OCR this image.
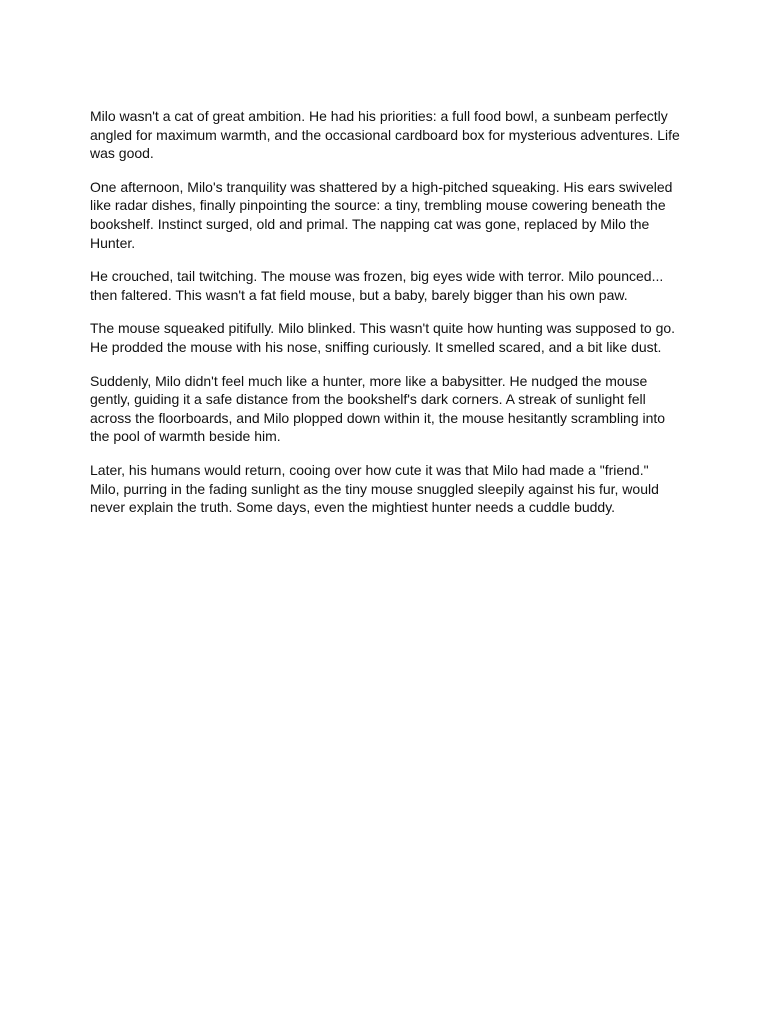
Milo wasn't a cat of great ambition. He had his priorities: a full food bowl, a sunbeam perfectly angled for maximum warmth, and the occasional cardboard box for mysterious adventures. Life was good.

One afternoon, Milo's tranquility was shattered by a high-pitched squeaking. His ears swiveled like radar dishes, finally pinpointing the source: a tiny, trembling mouse cowering beneath the bookshelf. Instinct surged, old and primal. The napping cat was gone, replaced by Milo the Hunter.

He crouched, tail twitching. The mouse was frozen, big eyes wide with terror. Milo pounced... then faltered. This wasn't a fat field mouse, but a baby, barely bigger than his own paw.

The mouse squeaked pitifully. Milo blinked. This wasn't quite how hunting was supposed to go. He prodded the mouse with his nose, sniffing curiously. It smelled scared, and a bit like dust.

Suddenly, Milo didn't feel much like a hunter, more like a babysitter. He nudged the mouse gently, guiding it a safe distance from the bookshelf's dark corners. A streak of sunlight fell across the floorboards, and Milo plopped down within it, the mouse hesitantly scrambling into the pool of warmth beside him.

Later, his humans would return, cooing over how cute it was that Milo had made a "friend." Milo, purring in the fading sunlight as the tiny mouse snuggled sleepily against his fur, would never explain the truth. Some days, even the mightiest hunter needs a cuddle buddy.
